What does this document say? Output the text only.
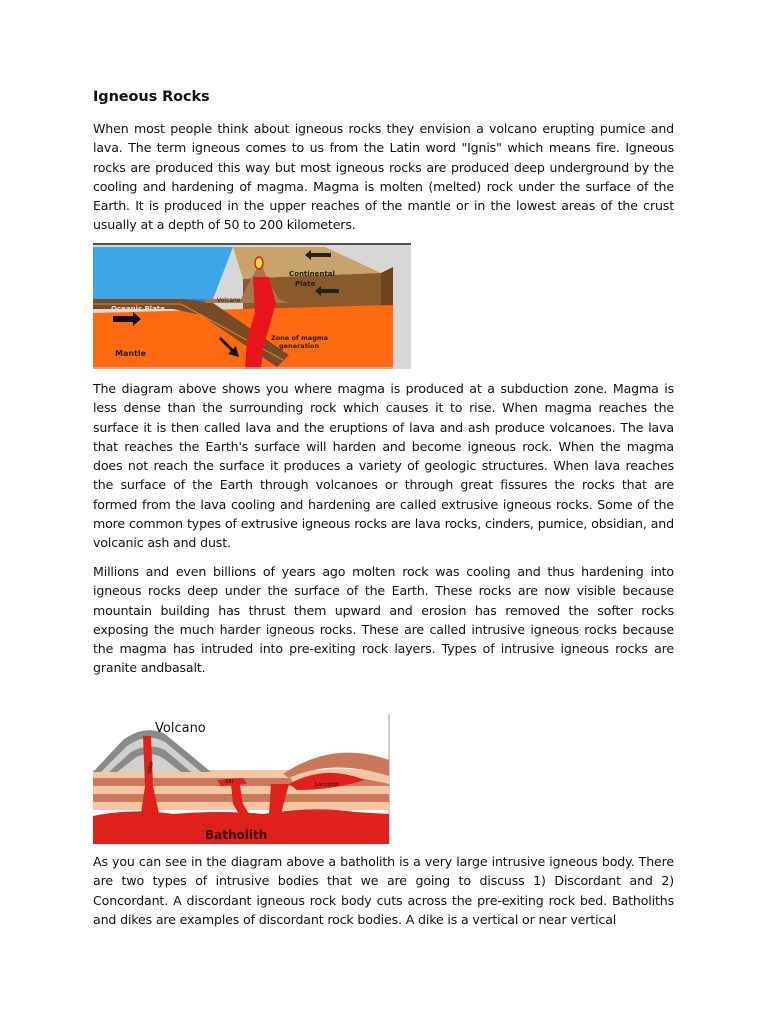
Igneous Rocks

When most people think about igneous rocks they envision a volcano erupting pumice and lava. The term igneous comes to us from the Latin word "Ignis" which means fire. Igneous rocks are produced this way but most igneous rocks are produced deep underground by the cooling and hardening of magma. Magma is molten (melted) rock under the surface of the Earth. It is produced in the upper reaches of the mantle or in the lowest areas of the crust usually at a depth of 50 to 200 kilometers.

Continental
Plate
Volcano
Oceanic Plate
Mantle
Zone of magma
generation

The diagram above shows you where magma is produced at a subduction zone. Magma is less dense than the surrounding rock which causes it to rise. When magma reaches the surface it is then called lava and the eruptions of lava and ash produce volcanoes. The lava that reaches the Earth's surface will harden and become igneous rock. When the magma does not reach the surface it produces a variety of geologic structures. When lava reaches the surface of the Earth through volcanoes or through great fissures the rocks that are formed from the lava cooling and hardening are called extrusive igneous rocks. Some of the more common types of extrusive igneous rocks are lava rocks, cinders, pumice, obsidian, and volcanic ash and dust.

Millions and even billions of years ago molten rock was cooling and thus hardening into igneous rocks deep under the surface of the Earth. These rocks are now visible because mountain building has thrust them upward and erosion has removed the softer rocks exposing the much harder igneous rocks. These are called intrusive igneous rocks because the magma has intruded into pre-exiting rock layers. Types of intrusive igneous rocks are granite andbasalt.

Volcano
Batholith
Dike
Sill	Laccolith

As you can see in the diagram above a batholith is a very large intrusive igneous body. There are two types of intrusive bodies that we are going to discuss 1) Discordant and 2) Concordant. A discordant igneous rock body cuts across the pre-exiting rock bed. Batholiths and dikes are examples of discordant rock bodies. A dike is a vertical or near vertical
